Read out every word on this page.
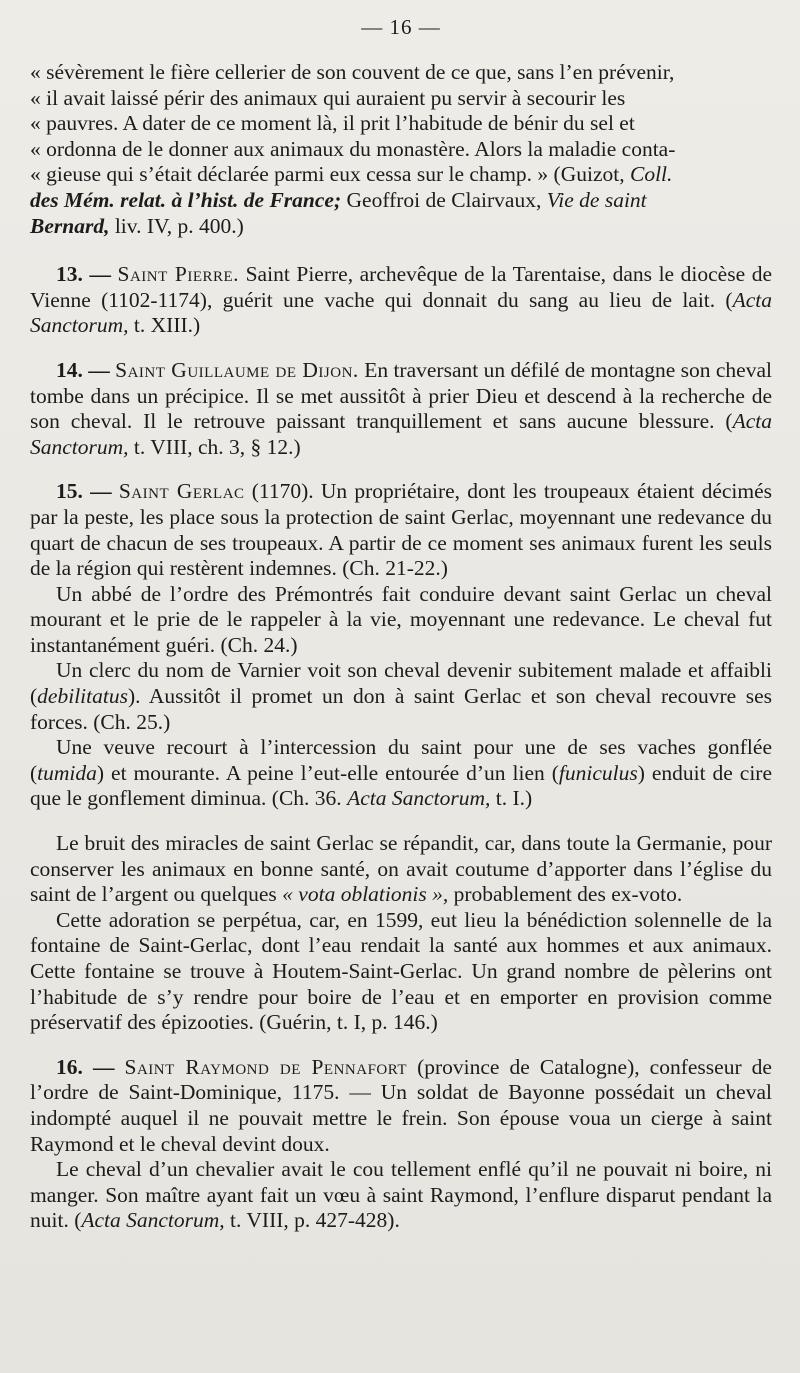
— 16 —

« sévèrement le fière cellerier de son couvent de ce que, sans l’en prévenir,
« il avait laissé périr des animaux qui auraient pu servir à secourir les
« pauvres. A dater de ce moment là, il prit l’habitude de bénir du sel et
« ordonna de le donner aux animaux du monastère. Alors la maladie conta-
« gieuse qui s’était déclarée parmi eux cessa sur le champ. » (Guizot, Coll.
des Mém. relat. à l’hist. de France; Geoffroi de Clairvaux, Vie de saint
Bernard, liv. IV, p. 400.)

13. — Saint Pierre. Saint Pierre, archevêque de la Tarentaise, dans le diocèse de Vienne (1102-1174), guérit une vache qui donnait du sang au lieu de lait. (Acta Sanctorum, t. XIII.)

14. — Saint Guillaume de Dijon. En traversant un défilé de montagne son cheval tombe dans un précipice. Il se met aussitôt à prier Dieu et descend à la recherche de son cheval. Il le retrouve paissant tranquillement et sans aucune blessure. (Acta Sanctorum, t. VIII, ch. 3, § 12.)

15. — Saint Gerlac (1170). Un propriétaire, dont les troupeaux étaient décimés par la peste, les place sous la protection de saint Gerlac, moyennant une redevance du quart de chacun de ses troupeaux. A partir de ce moment ses animaux furent les seuls de la région qui restèrent indemnes. (Ch. 21-22.)

Un abbé de l’ordre des Prémontrés fait conduire devant saint Gerlac un cheval mourant et le prie de le rappeler à la vie, moyennant une redevance. Le cheval fut instantanément guéri. (Ch. 24.)

Un clerc du nom de Varnier voit son cheval devenir subitement malade et affaibli (debilitatus). Aussitôt il promet un don à saint Gerlac et son cheval recouvre ses forces. (Ch. 25.)

Une veuve recourt à l’intercession du saint pour une de ses vaches gonflée (tumida) et mourante. A peine l’eut-elle entourée d’un lien (funiculus) enduit de cire que le gonflement diminua. (Ch. 36. Acta Sanctorum, t. I.)

Le bruit des miracles de saint Gerlac se répandit, car, dans toute la Germanie, pour conserver les animaux en bonne santé, on avait coutume d’apporter dans l’église du saint de l’argent ou quelques « vota oblationis », probablement des ex-voto.

Cette adoration se perpétua, car, en 1599, eut lieu la bénédiction solennelle de la fontaine de Saint-Gerlac, dont l’eau rendait la santé aux hommes et aux animaux. Cette fontaine se trouve à Houtem-Saint-Gerlac. Un grand nombre de pèlerins ont l’habitude de s’y rendre pour boire de l’eau et en emporter en provision comme préservatif des épizooties. (Guérin, t. I, p. 146.)

16. — Saint Raymond de Pennafort (province de Catalogne), confesseur de l’ordre de Saint-Dominique, 1175. — Un soldat de Bayonne possédait un cheval indompté auquel il ne pouvait mettre le frein. Son épouse voua un cierge à saint Raymond et le cheval devint doux.

Le cheval d’un chevalier avait le cou tellement enflé qu’il ne pouvait ni boire, ni manger. Son maître ayant fait un vœu à saint Raymond, l’enflure disparut pendant la nuit. (Acta Sanctorum, t. VIII, p. 427-428).
